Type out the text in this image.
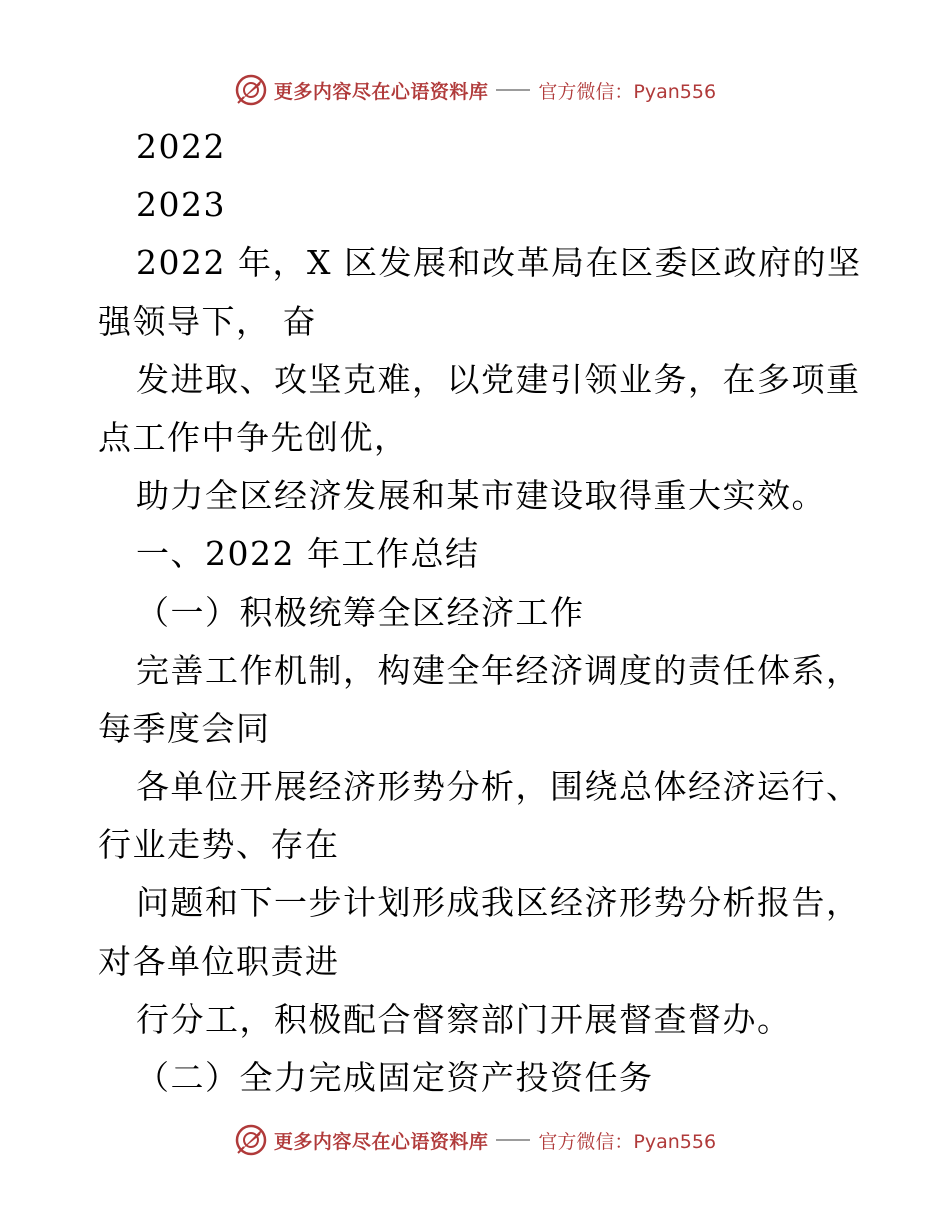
更多内容尽在心语资料库	官方微信：Pyan556
2022
2023
2022 年，X 区发展和改革局在区委区政府的坚
强领导下， 奋
发进取、攻坚克难，以党建引领业务，在多项重
点工作中争先创优，
助力全区经济发展和某市建设取得重大实效。
一、2022 年工作总结
（一）积极统筹全区经济工作
完善工作机制，构建全年经济调度的责任体系，
每季度会同
各单位开展经济形势分析，围绕总体经济运行、
行业走势、存在
问题和下一步计划形成我区经济形势分析报告，
对各单位职责进
行分工，积极配合督察部门开展督查督办。
（二）全力完成固定资产投资任务
更多内容尽在心语资料库	官方微信：Pyan556
